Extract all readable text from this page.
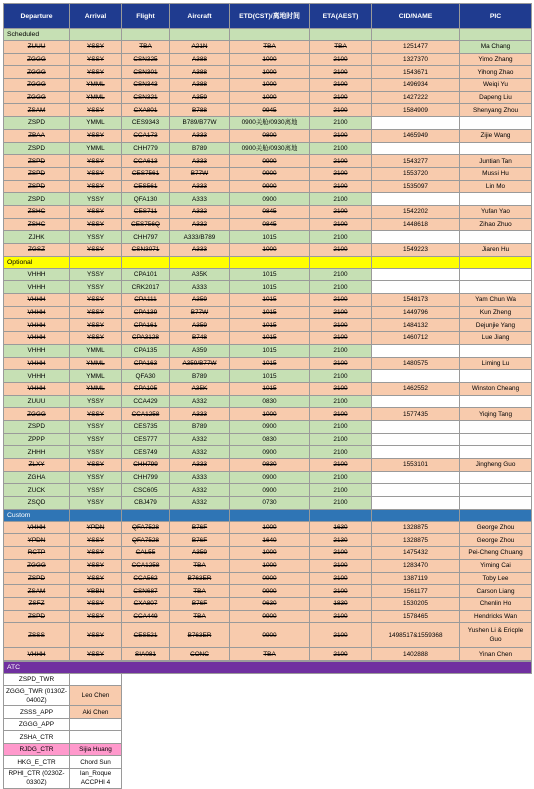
Departure	Arrival	Flight	Aircraft	ETD(CST)/离地时间	ETA(AEST)	CID/NAME	PIC
Scheduled							
ZUUU	YSSY	TBA	A21N	TBA	TBA	1251477	Ma Chang
ZGGG	YSSY	CSN325	A388	1000	2100	1327370	Yimo Zhang
ZGGG	YSSY	CSN301	A388	1000	2100	1543671	Yihong Zhao
ZGGG	YMML	CSN343	A388	1000	2100	1496934	Weiqi Yu
ZGGG	YMML	CSN321	A359	1000	2100	1427222	Dapeng Liu
ZSAM	YSSY	CXA801	B788	0945	2100	1584909	Shenyang Zhou
ZSPD	YMML	CES9343	B789/B77W	0900关舱/0930离地	2100		
ZBAA	YSSY	CCA173	A333	0800	2100	1465949	Zijie Wang
ZSPD	YMML	CHH779	B789	0900关舱/0930离地	2100		
ZSPD	YSSY	CCA613	A333	0900	2100	1543277	Juntian Tan
ZSPD	YSSY	CES7561	B77W	0900	2100	1553720	Mussi Hu
ZSPD	YSSY	CES561	A333	0900	2100	1535097	Lin Mo
ZSPD	YSSY	QFA130	A333	0900	2100		
ZSHC	YSSY	CES711	A332	0845	2100	1542202	Yufan Yao
ZSHC	YSSY	CES756Q	A332	0845	2100	1448618	Zihao Zhuo
ZJHK	YSSY	CHH797	A333/B789	1015	2100		
ZGSZ	YSSY	CSN3071	A333	1000	2100	1549223	Jiaren Hu
Optional							
VHHH	YSSY	CPA101	A35K	1015	2100		
VHHH	YSSY	CRK2017	A333	1015	2100		
VHHH	YSSY	CPA111	A359	1015	2100	1548173	Yam Chun Wa
VHHH	YSSY	CPA139	B77W	1015	2100	1449796	Kun Zheng
VHHH	YSSY	CPA161	A359	1015	2100	1484132	Dejunjie Yang
VHHH	YSSY	CPA3128	B748	1015	2100	1460712	Lue Jiang
VHHH	YMML	CPA135	A359	1015	2100		
VHHH	YMML	CPA163	A359/B77W	1015	2100	1480575	Liming Lu
VHHH	YMML	QFA30	B789	1015	2100		
VHHH	YMML	CPA105	A35K	1015	2100	1462552	Winston Cheang
ZUUU	YSSY	CCA429	A332	0830	2100		
ZGGG	YSSY	CCA1258	A333	1000	2100	1577435	Yiqing Tang
ZSPD	YSSY	CES735	B789	0900	2100		
ZPPP	YSSY	CES777	A332	0830	2100		
ZHHH	YSSY	CES749	A332	0900	2100		
ZLXY	YSSY	CHH799	A333	0830	2100	1553101	Jingheng Guo
ZGHA	YSSY	CHH799	A333	0900	2100		
ZUCK	YSSY	CSC605	A332	0900	2100		
ZSQD	YSSY	CBJ479	A332	0730	2100		
Custom							
VHHH	YPDN	QFA7528	B76F	1000	1630	1328875	George Zhou
YPDN	YSSY	QFA7528	B76F	1640	2130	1328875	George Zhou
RCTP	YSSY	CAL55	A359	1000	2100	1475432	Pei-Cheng Chuang
ZGGG	YSSY	CCA1258	TBA	1000	2100	1283470	Yiming Cai
ZSPD	YSSY	CCA562	B763ER	0900	2100	1387119	Toby Lee
ZSAM	YBBN	CSN687	TBA	0900	2100	1561177	Carson Liang
ZSFZ	YSSY	CXA807	B76F	0630	1830	1530205	Chenlin Ho
ZSPD	YSSY	CCA449	TBA	0900	2100	1578465	Hendricks Wan
ZSSS	YSSY	CES521	B763ER	0900	2100	1498517&1559368	Yushen Li & Ericple Guo
VHHH	YSSY	SIA081	CONC	TBA	2100	1402888	Yinan Chen
ATC		
ZSPD_TWR		
ZGGG_TWR (0130Z-0400Z)	Leo Chen	
ZSSS_APP	Aki Chen	
ZGGG_APP		
ZSHA_CTR		
RJDG_CTR	Sijia Huang	
HKG_E_CTR	Chord Sun	
RPHI_CTR (0230Z-0330Z)	Ian_Roque ACCPHI 4	
